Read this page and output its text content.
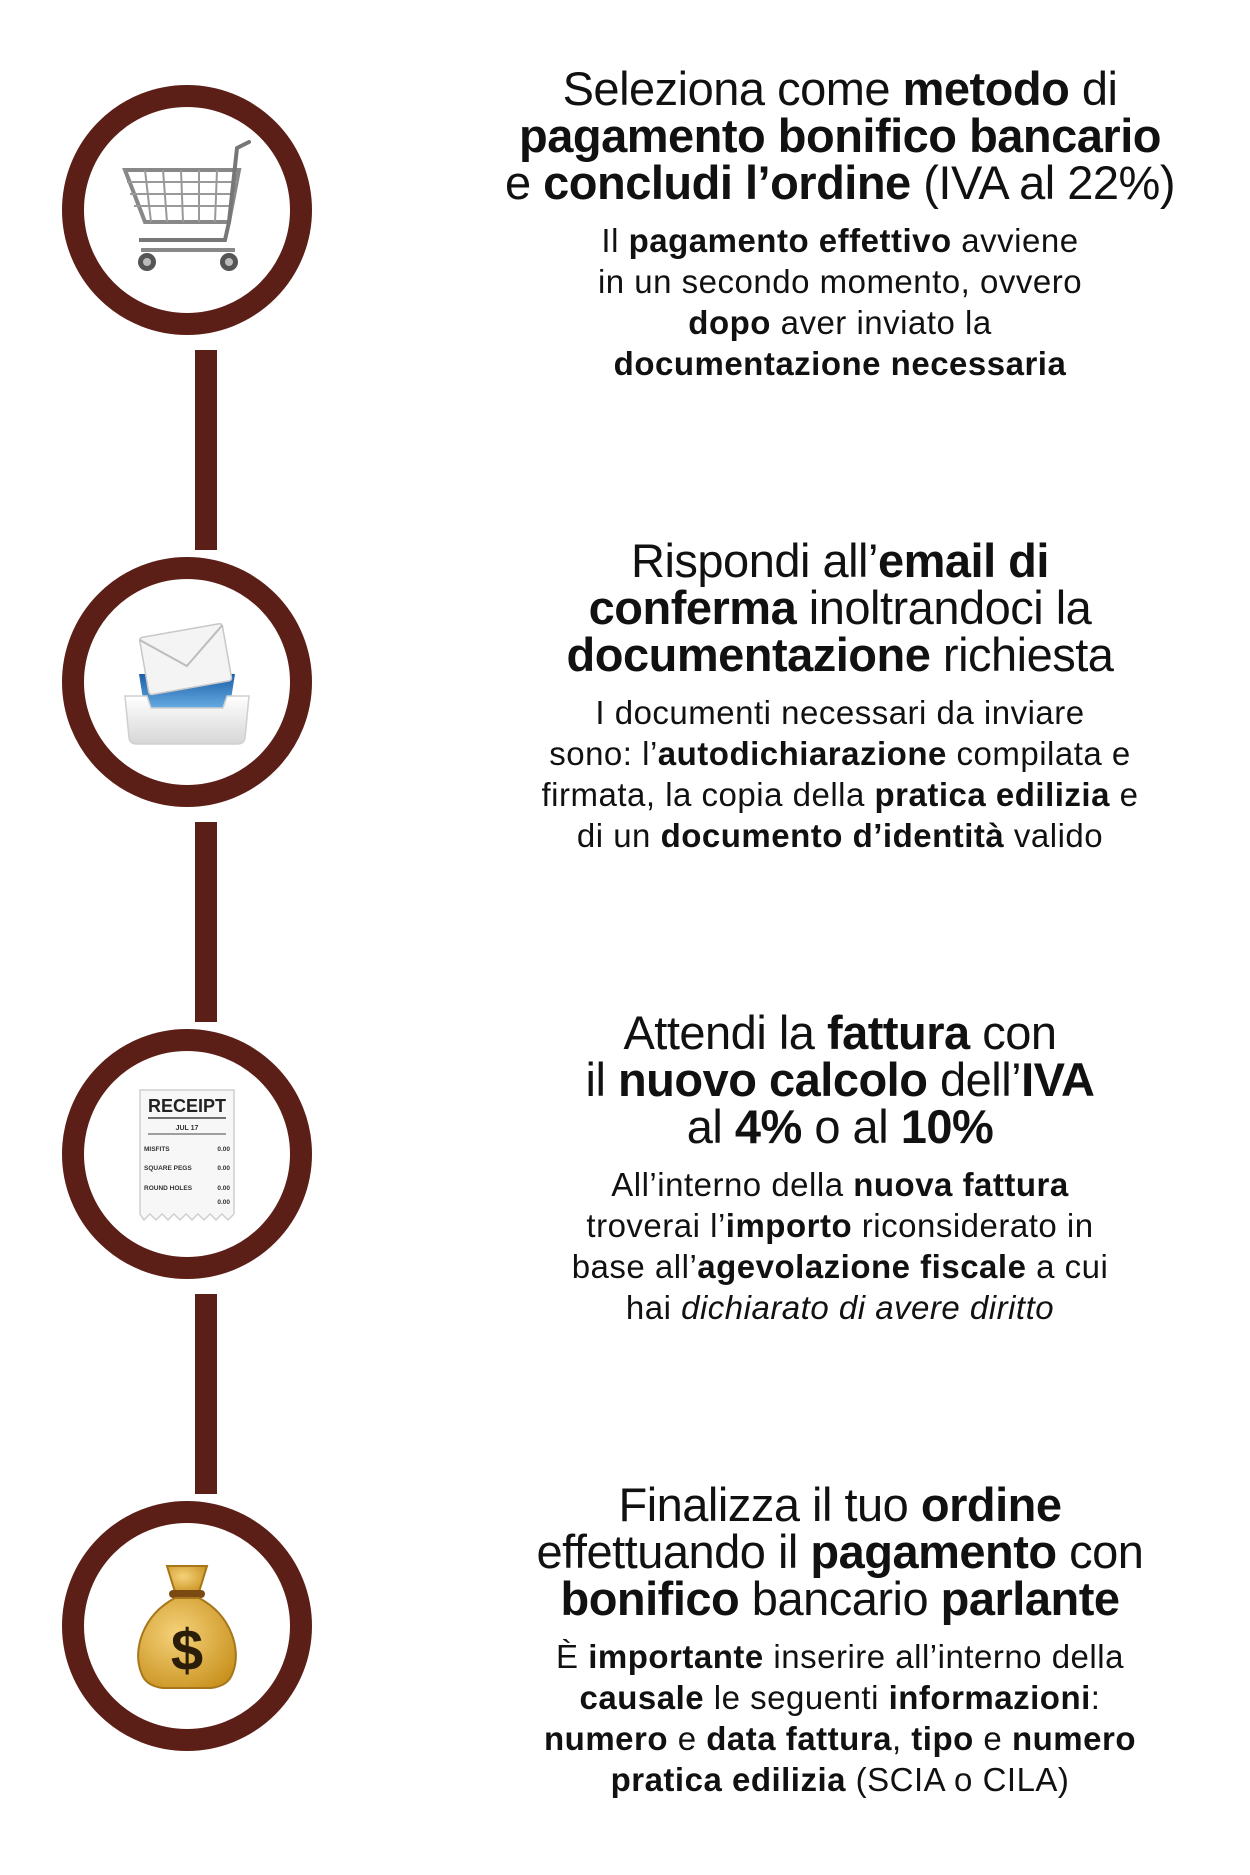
Seleziona come metodo di
pagamento bonifico bancario
e concludi l’ordine (IVA al 22%)

Il pagamento effettivo avviene
in un secondo momento, ovvero
dopo aver inviato la
documentazione necessaria

Rispondi all’email di
conferma inoltrandoci la
documentazione richiesta

I documenti necessari da inviare
sono: l’autodichiarazione compilata e
firmata, la copia della pratica edilizia e
di un documento d’identità valido

RECEIPT
JUL 17
MISFITS	0.00
SQUARE PEGS	0.00
ROUND HOLES	0.00
0.00

Attendi la fattura con
il nuovo calcolo dell’IVA
al 4% o al 10%

All’interno della nuova fattura
troverai l’importo riconsiderato in
base all’agevolazione fiscale a cui
hai dichiarato di avere diritto

$

Finalizza il tuo ordine
effettuando il pagamento con
bonifico bancario parlante

È importante inserire all’interno della
causale le seguenti informazioni:
numero e data fattura, tipo e numero
pratica edilizia (SCIA o CILA)
